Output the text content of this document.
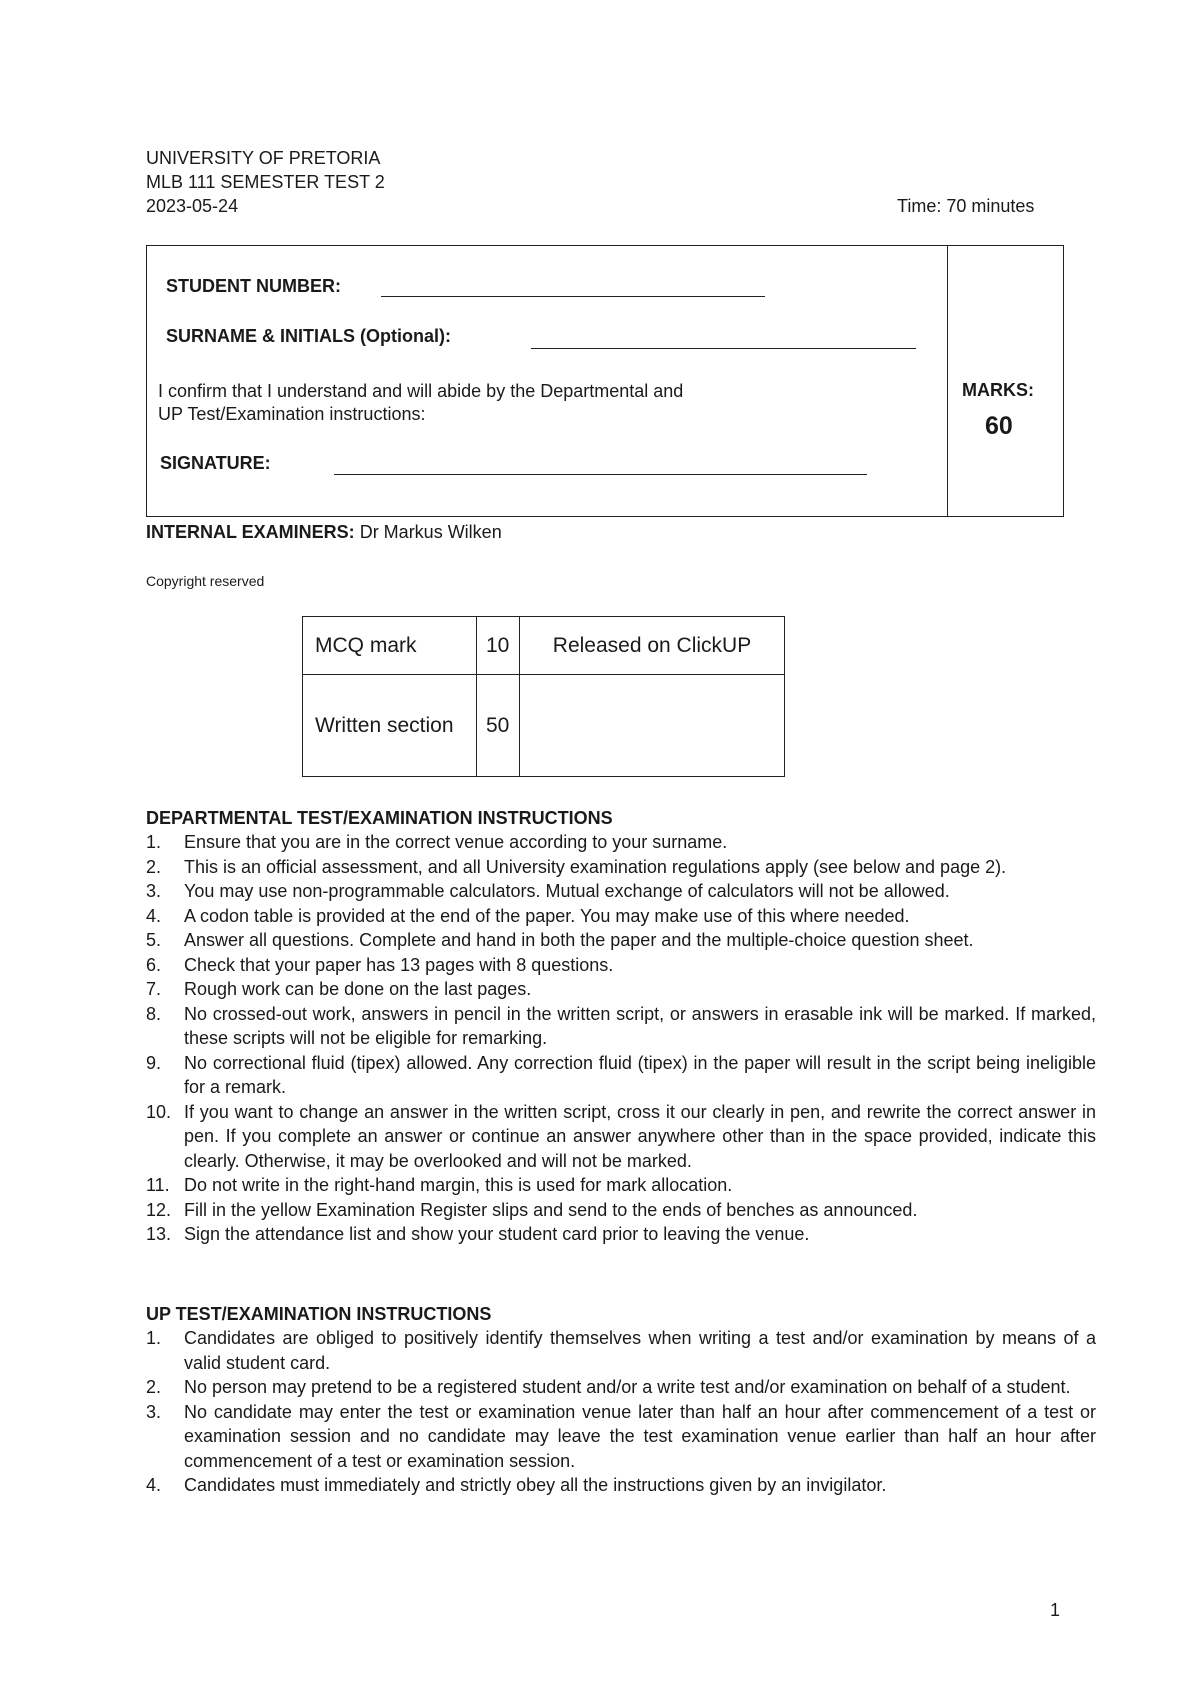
UNIVERSITY OF PRETORIA
MLB 111 SEMESTER TEST 2
2023-05-24	Time: 70 minutes
STUDENT NUMBER:
SURNAME & INITIALS (Optional):
I confirm that I understand and will abide by the Departmental and
UP Test/Examination instructions:
SIGNATURE:
MARKS:
60
INTERNAL EXAMINERS: Dr Markus Wilken
Copyright reserved
MCQ mark	10	Released on ClickUP
Written section	50	
DEPARTMENTAL TEST/EXAMINATION INSTRUCTIONS
1. Ensure that you are in the correct venue according to your surname.
2. This is an official assessment, and all University examination regulations apply (see below and page 2).
3. You may use non-programmable calculators. Mutual exchange of calculators will not be allowed.
4. A codon table is provided at the end of the paper. You may make use of this where needed.
5. Answer all questions. Complete and hand in both the paper and the multiple-choice question sheet.
6. Check that your paper has 13 pages with 8 questions.
7. Rough work can be done on the last pages.
8. No crossed-out work, answers in pencil in the written script, or answers in erasable ink will be marked. If marked, these scripts will not be eligible for remarking.
9. No correctional fluid (tipex) allowed. Any correction fluid (tipex) in the paper will result in the script being ineligible for a remark.
10. If you want to change an answer in the written script, cross it our clearly in pen, and rewrite the correct answer in pen. If you complete an answer or continue an answer anywhere other than in the space provided, indicate this clearly. Otherwise, it may be overlooked and will not be marked.
11. Do not write in the right-hand margin, this is used for mark allocation.
12. Fill in the yellow Examination Register slips and send to the ends of benches as announced.
13. Sign the attendance list and show your student card prior to leaving the venue.
UP TEST/EXAMINATION INSTRUCTIONS
1. Candidates are obliged to positively identify themselves when writing a test and/or examination by means of a valid student card.
2. No person may pretend to be a registered student and/or a write test and/or examination on behalf of a student.
3. No candidate may enter the test or examination venue later than half an hour after commencement of a test or examination session and no candidate may leave the test examination venue earlier than half an hour after commencement of a test or examination session.
4. Candidates must immediately and strictly obey all the instructions given by an invigilator.
1
